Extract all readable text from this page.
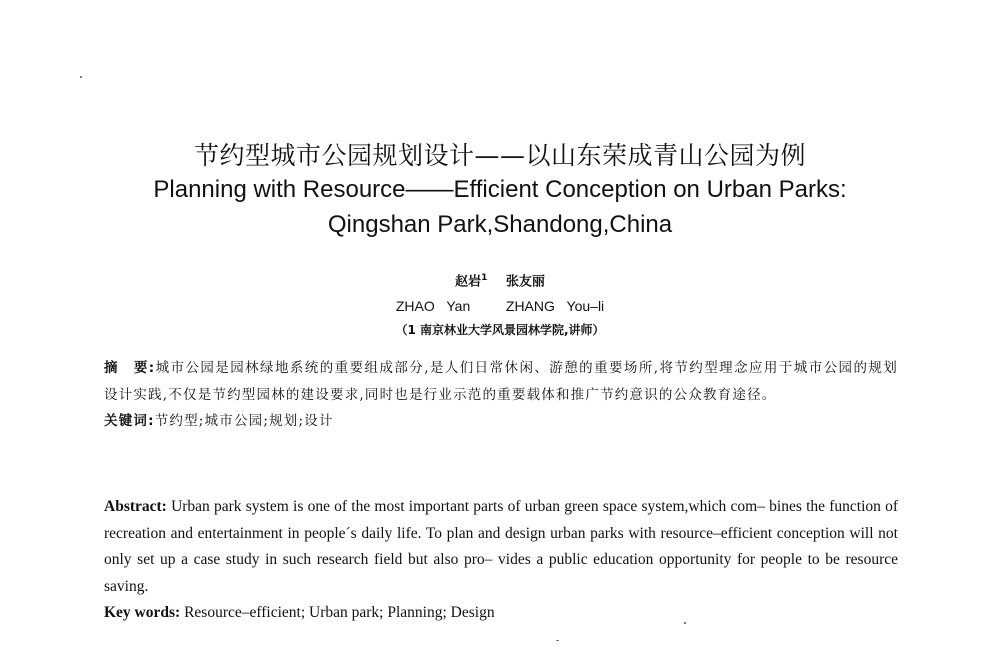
节约型城市公园规划设计——以山东荣成青山公园为例
Planning with Resource——Efficient Conception on Urban Parks:
Qingshan Park,Shandong,China
赵岩$^1$ 张友丽
ZHAO Yan   ZHANG You–li
（1 南京林业大学风景园林学院,讲师）
摘　要:城市公园是园林绿地系统的重要组成部分,是人们日常休闲、游憩的重要场所,将节约型理念应用于城市公园的规划设计实践,不仅是节约型园林的建设要求,同时也是行业示范的重要载体和推广节约意识的公众教育途径。
关键词:节约型;城市公园;规划;设计
Abstract: Urban park system is one of the most important parts of urban green space system,which com– bines the function of recreation and entertainment in people´s daily life. To plan and design urban parks with resource–efficient conception will not only set up a case study in such research field but also pro– vides a public education opportunity for people to be resource saving.
Key words: Resource–efficient; Urban park; Planning; Design
